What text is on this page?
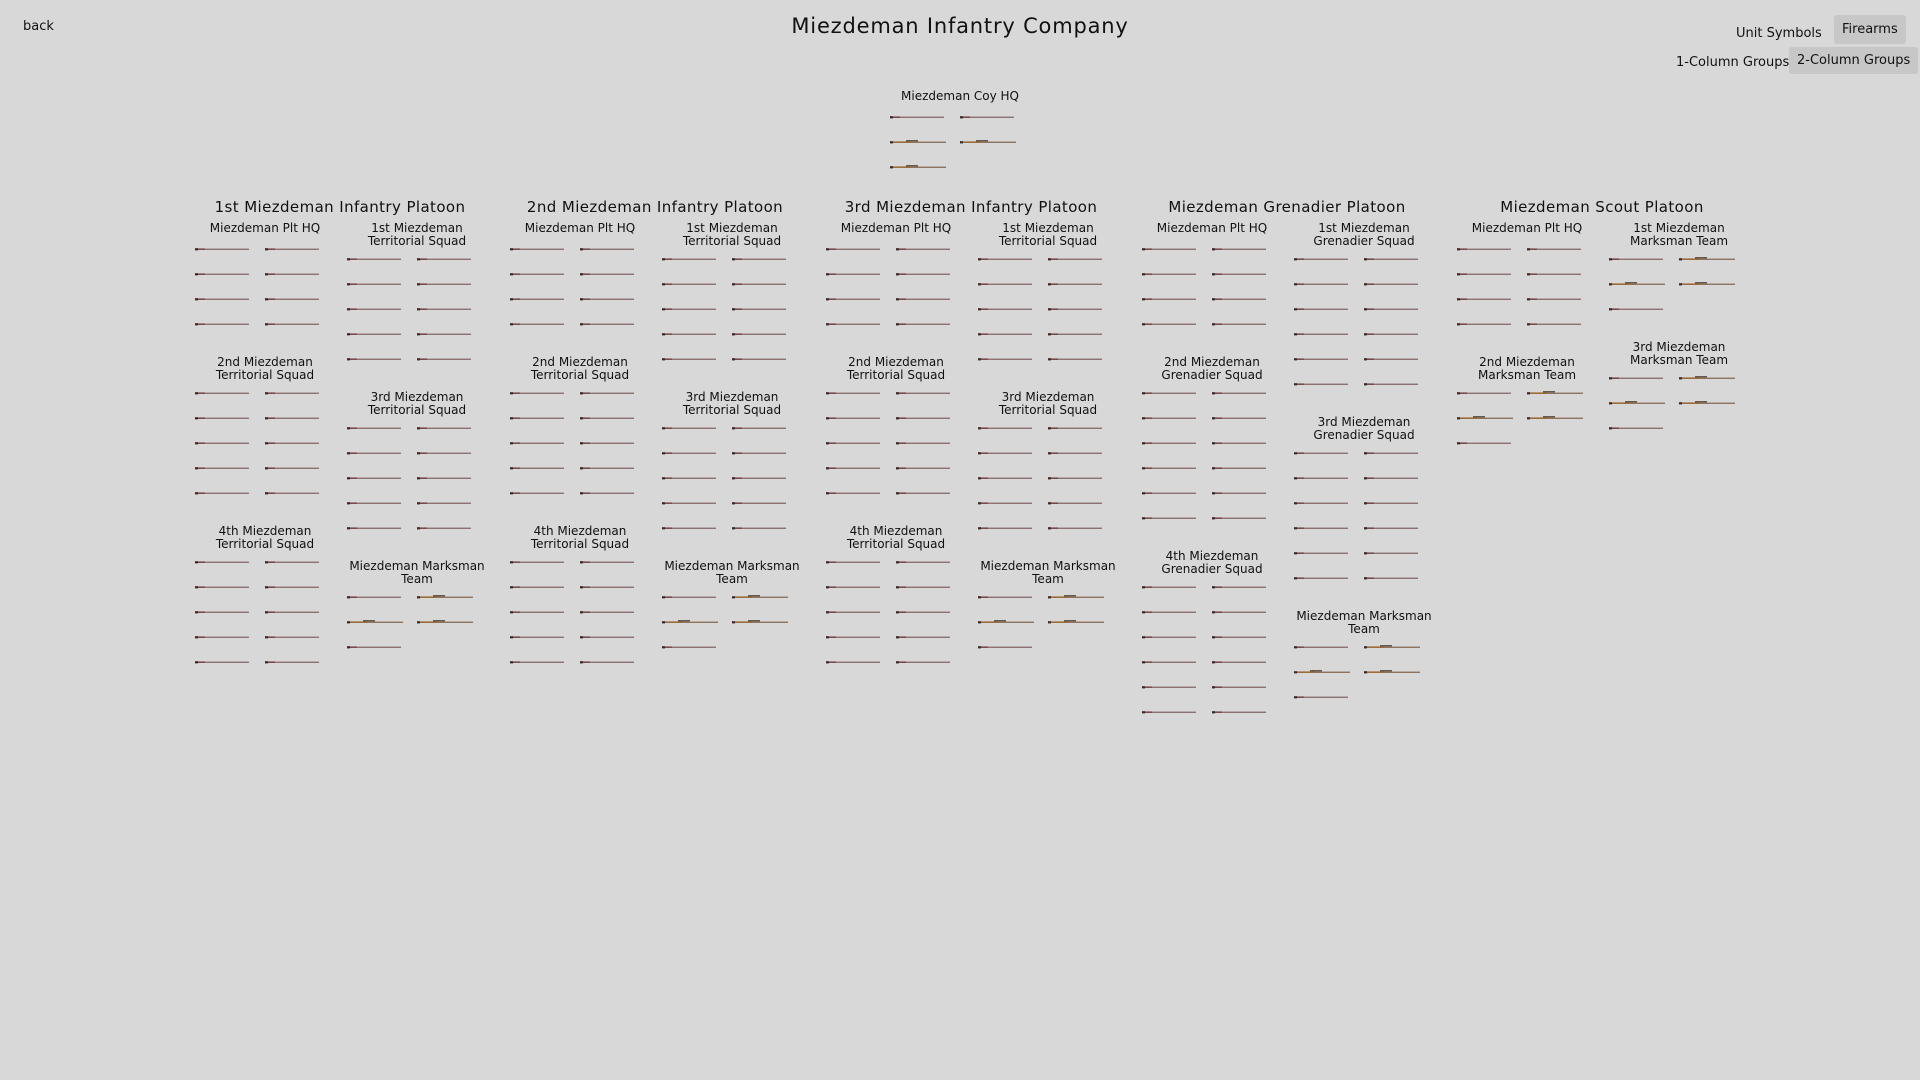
back	Miezdeman Infantry Company	Unit Symbols	Firearms
1-Column Groups 2-Column Groups
Miezdeman Coy HQ
1st Miezdeman Infantry Platoon
Miezdeman Plt HQ	1st Miezdeman Territorial Squad
2nd Miezdeman Territorial Squad
3rd Miezdeman Territorial Squad
4th Miezdeman Territorial Squad
Miezdeman Marksman Team
2nd Miezdeman Infantry Platoon
Miezdeman Plt HQ	1st Miezdeman Territorial Squad
2nd Miezdeman Territorial Squad
3rd Miezdeman Territorial Squad
4th Miezdeman Territorial Squad
Miezdeman Marksman Team
3rd Miezdeman Infantry Platoon
Miezdeman Plt HQ	1st Miezdeman Territorial Squad
2nd Miezdeman Territorial Squad
3rd Miezdeman Territorial Squad
4th Miezdeman Territorial Squad
Miezdeman Marksman Team
Miezdeman Grenadier Platoon
Miezdeman Plt HQ	1st Miezdeman Grenadier Squad
2nd Miezdeman Grenadier Squad
3rd Miezdeman Grenadier Squad
4th Miezdeman Grenadier Squad
Miezdeman Marksman Team
Miezdeman Scout Platoon
Miezdeman Plt HQ	1st Miezdeman Marksman Team
2nd Miezdeman Marksman Team
3rd Miezdeman Marksman Team
